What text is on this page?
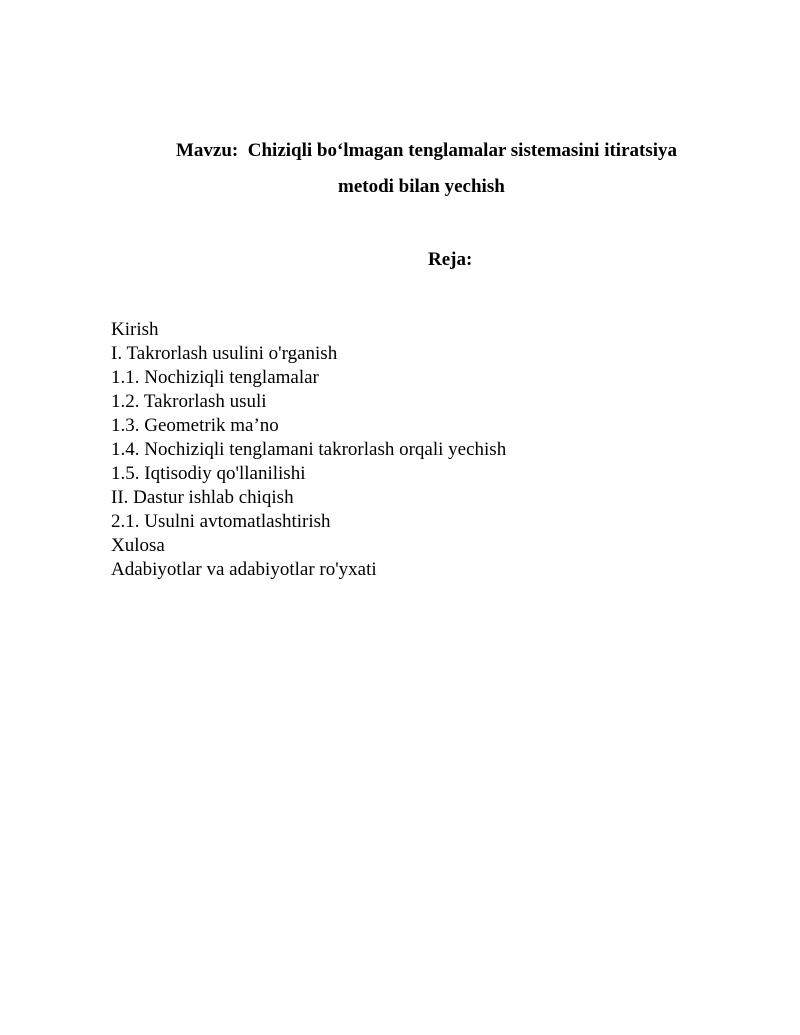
Mavzu:  Chiziqli bo‘lmagan tenglamalar sistemasini itiratsiya
metodi bilan yechish
Reja:
Kirish
I. Takrorlash usulini o'rganish
1.1. Nochiziqli tenglamalar
1.2. Takrorlash usuli
1.3. Geometrik ma’no
1.4. Nochiziqli tenglamani takrorlash orqali yechish
1.5. Iqtisodiy qo'llanilishi
II. Dastur ishlab chiqish
2.1. Usulni avtomatlashtirish
Xulosa
Adabiyotlar va adabiyotlar ro'yxati
